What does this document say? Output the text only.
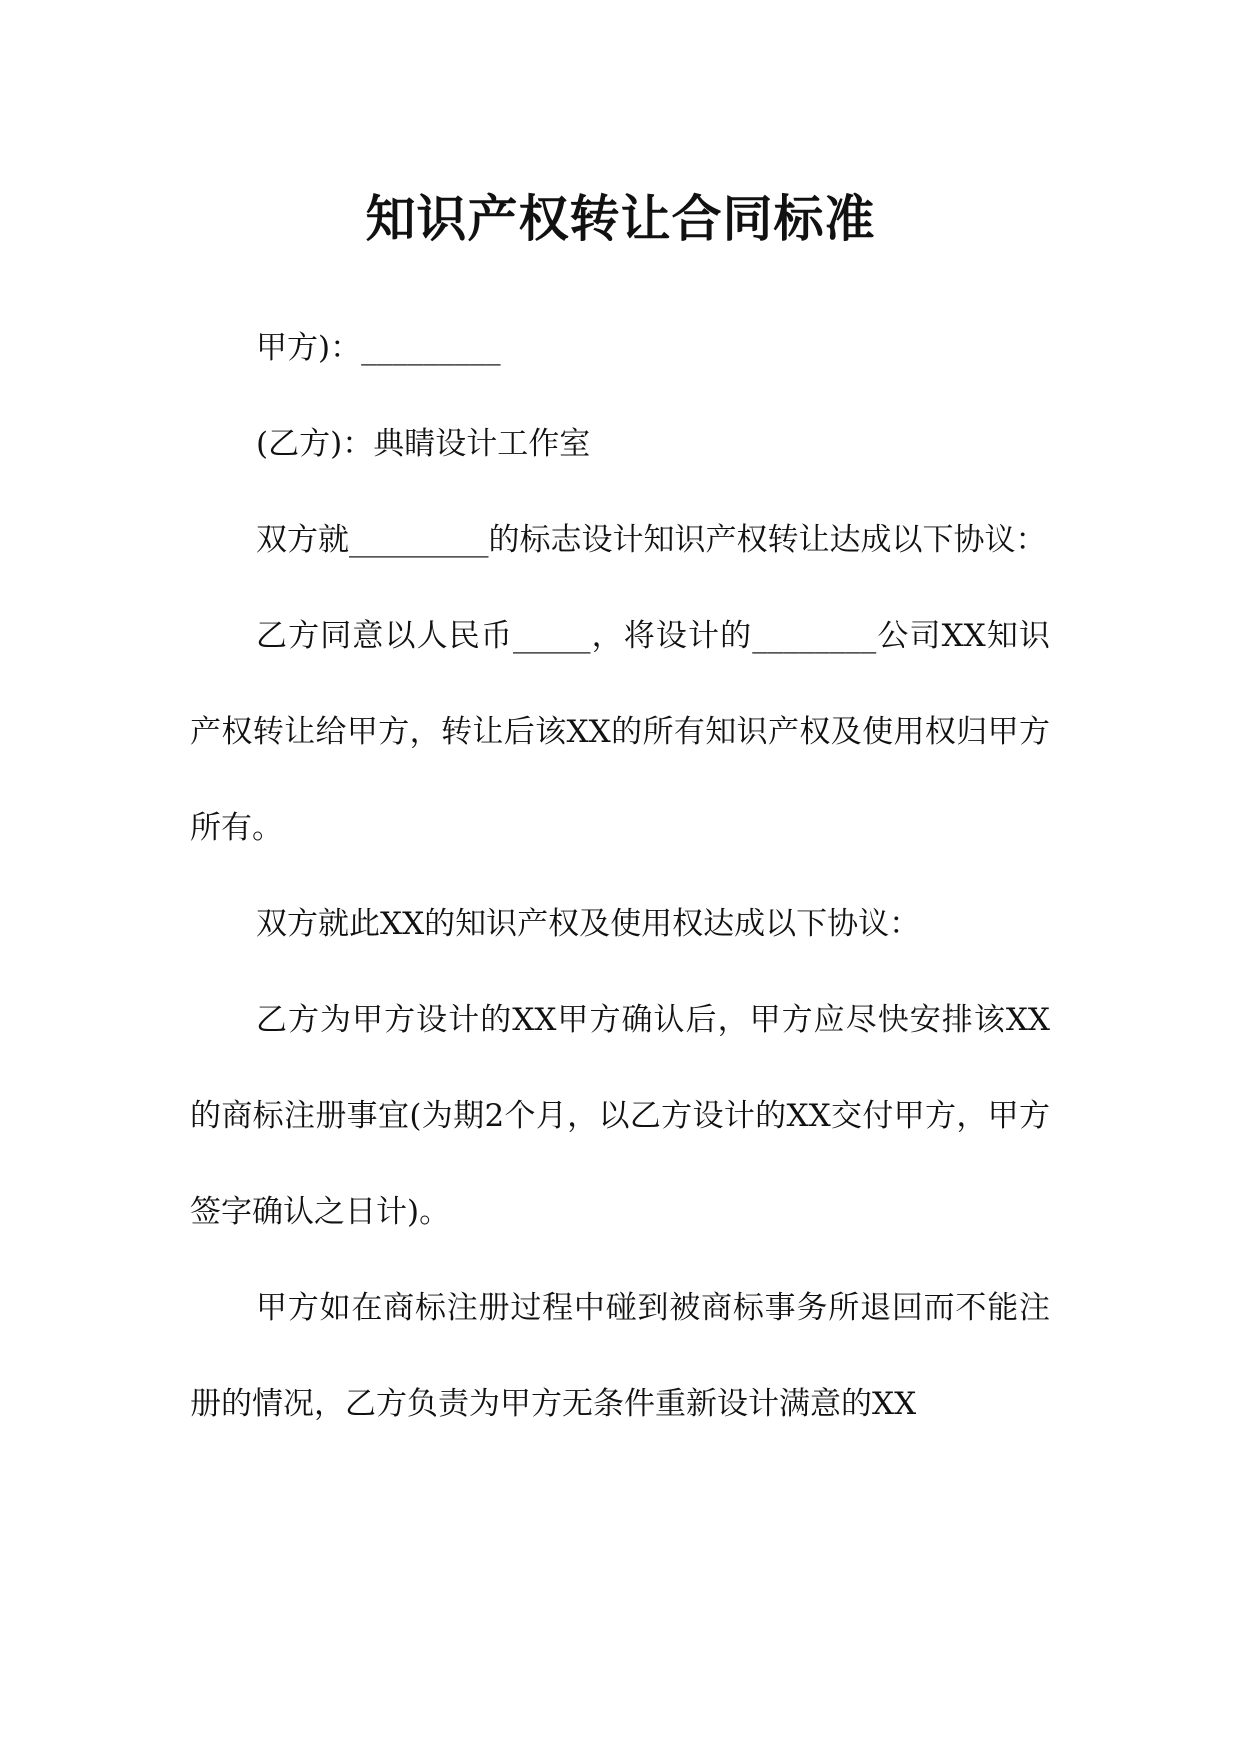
知识产权转让合同标准

甲方)：_________

(乙方)：典睛设计工作室

双方就_________的标志设计知识产权转让达成以下协议：

乙方同意以人民币_____，将设计的________公司XX知识产权转让给甲方，转让后该XX的所有知识产权及使用权归甲方所有。

双方就此XX的知识产权及使用权达成以下协议：

乙方为甲方设计的XX甲方确认后，甲方应尽快安排该XX的商标注册事宜(为期2个月，以乙方设计的XX交付甲方，甲方签字确认之日计)。

甲方如在商标注册过程中碰到被商标事务所退回而不能注册的情况，乙方负责为甲方无条件重新设计满意的XX
